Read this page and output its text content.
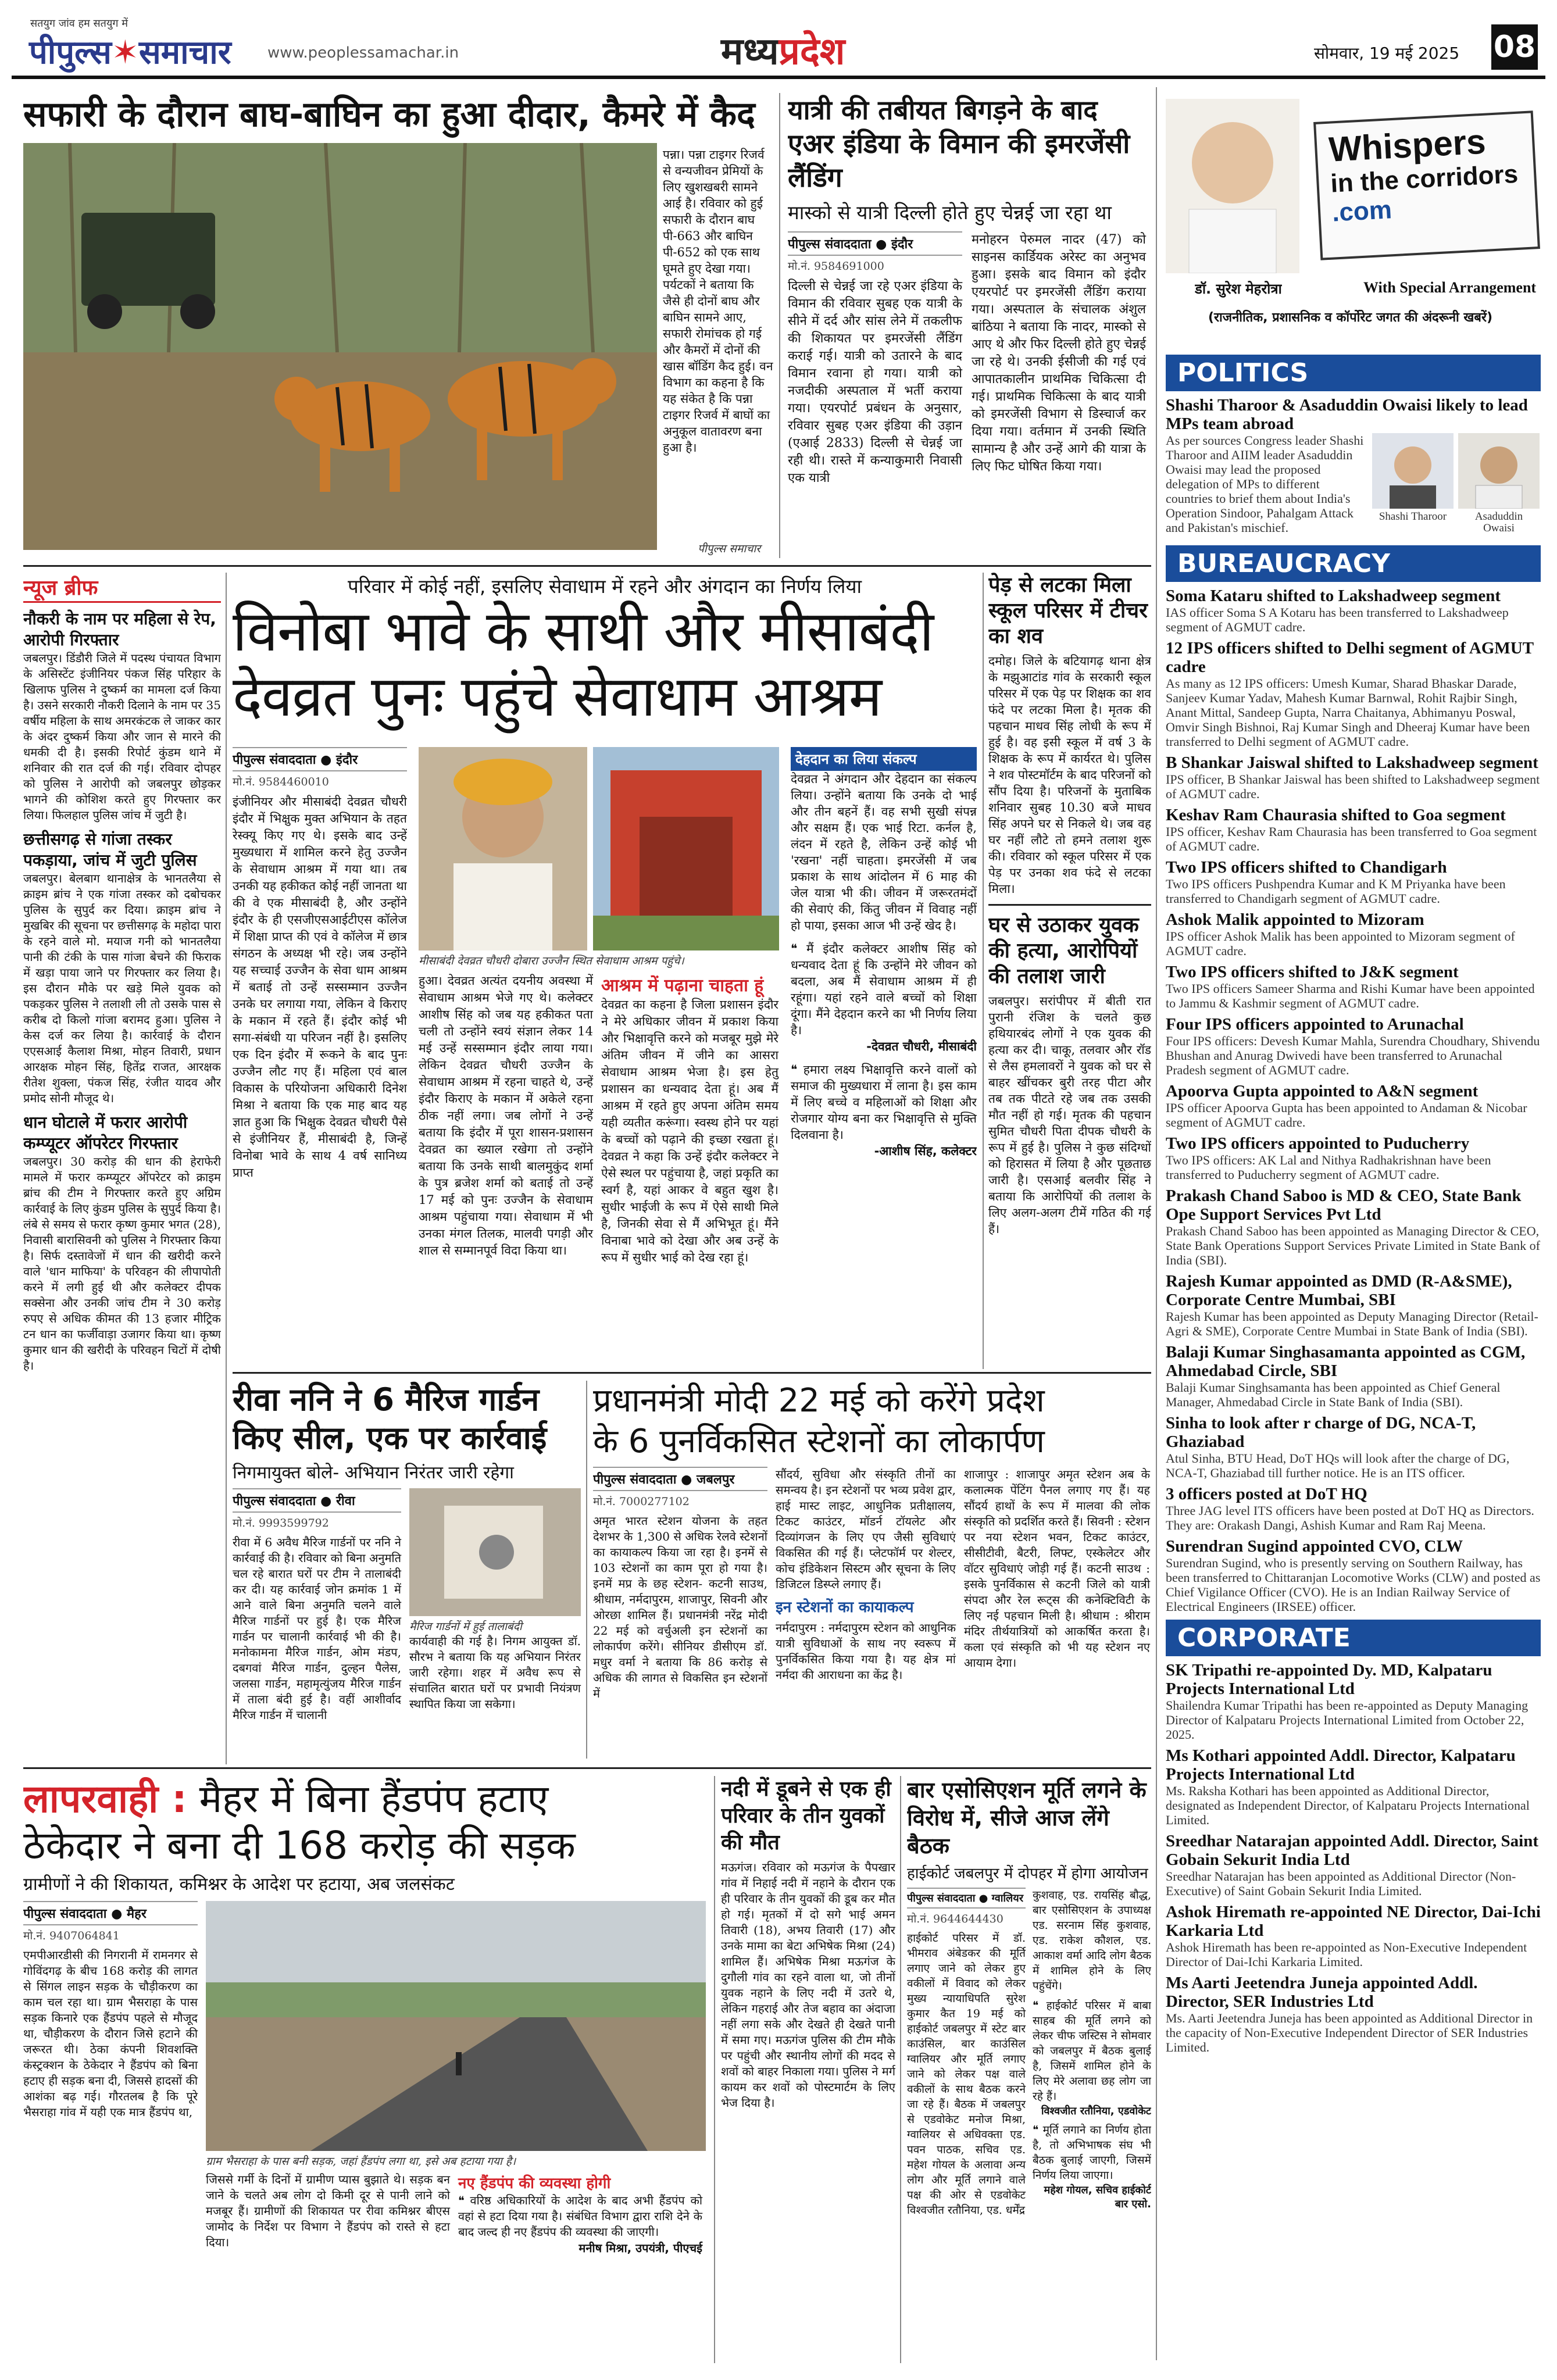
सतयुग जांव हम सतयुग में
पीपुल्स✶समाचार www.peoplessamachar.in	मध्यप्रदेश	सोमवार, 19 मई 2025 08
सफारी के दौरान बाघ-बाघिन का हुआ दीदार, कैमरे में कैद
पन्ना। पन्ना टाइगर रिजर्व से वन्यजीवन प्रेमियों के लिए खुशखबरी सामने आई है। रविवार को हुई सफारी के दौरान बाघ पी-663 और बाघिन पी-652 को एक साथ घूमते हुए देखा गया। पर्यटकों ने बताया कि जैसे ही दोनों बाघ और बाघिन सामने आए, सफारी रोमांचक हो गई और कैमरों में दोनों की खास बॉडिंग कैद हुई। वन विभाग का कहना है कि यह संकेत है कि पन्ना टाइगर रिजर्व में बाघों का अनुकूल वातावरण बना हुआ है।
पीपुल्स समाचार
यात्री की तबीयत बिगड़ने के बाद एअर इंडिया के विमान की इमरजेंसी लैंडिंग
मास्को से यात्री दिल्ली होते हुए चेन्नई जा रहा था
पीपुल्स संवाददाता ● इंदौर
मो.नं. 9584691000
दिल्ली से चेन्नई जा रहे एअर इंडिया के विमान की रविवार सुबह एक यात्री के सीने में दर्द और सांस लेने में तकलीफ की शिकायत पर इमरजेंसी लैंडिंग कराई गई। यात्री को उतारने के बाद विमान रवाना हो गया। यात्री को नजदीकी अस्पताल में भर्ती कराया गया। एयरपोर्ट प्रबंधन के अनुसार, रविवार सुबह एअर इंडिया की उड़ान (एआई 2833) दिल्ली से चेन्नई जा रही थी। रास्ते में कन्याकुमारी निवासी एक यात्री
मनोहरन पेरुमल नादर (47) को साइनस कार्डियक अरेस्ट का अनुभव हुआ। इसके बाद विमान को इंदौर एयरपोर्ट पर इमरजेंसी लैंडिंग कराया गया। अस्पताल के संचालक अंशुल बांठिया ने बताया कि नादर, मास्को से आए थे और फिर दिल्ली होते हुए चेन्नई जा रहे थे। उनकी ईसीजी की गई एवं आपातकालीन प्राथमिक चिकित्सा दी गई। प्राथमिक चिकित्सा के बाद यात्री को इमरजेंसी विभाग से डिस्चार्ज कर दिया गया। वर्तमान में उनकी स्थिति सामान्य है और उन्हें आगे की यात्रा के लिए फिट घोषित किया गया।
Whispers
in the corridors
.com
डॉ. सुरेश मेहरोत्रा	With Special Arrangement
(राजनीतिक, प्रशासनिक व कॉर्पोरेट जगत की अंदरूनी खबरें)
POLITICS
Shashi Tharoor & Asaduddin Owaisi likely to lead MPs team abroad
As per sources Congress leader Shashi Tharoor and AIIM leader Asaduddin Owaisi may lead the proposed delegation of MPs to different countries to brief them about India's Operation Sindoor, Pahalgam Attack and Pakistan's mischief.
Shashi Tharoor	Asaduddin Owaisi
BUREAUCRACY
Soma Kataru shifted to Lakshadweep segment
IAS officer Soma S A Kotaru has been transferred to Lakshadweep segment of AGMUT cadre.
12 IPS officers shifted to Delhi segment of AGMUT cadre
As many as 12 IPS officers: Umesh Kumar, Sharad Bhaskar Darade, Sanjeev Kumar Yadav, Mahesh Kumar Barnwal, Rohit Rajbir Singh, Anant Mittal, Sandeep Gupta, Narra Chaitanya, Abhimanyu Poswal, Omvir Singh Bishnoi, Raj Kumar Singh and Dheeraj Kumar have been transferred to Delhi segment of AGMUT cadre.
B Shankar Jaiswal shifted to Lakshadweep segment
IPS officer, B Shankar Jaiswal has been shifted to Lakshadweep segment of AGMUT cadre.
Keshav Ram Chaurasia shifted to Goa segment
IPS officer, Keshav Ram Chaurasia has been transferred to Goa segment of AGMUT cadre.
Two IPS officers shifted to Chandigarh
Two IPS officers Pushpendra Kumar and K M Priyanka have been transferred to Chandigarh segment of AGMUT cadre.
Ashok Malik appointed to Mizoram
IPS officer Ashok Malik has been appointed to Mizoram segment of AGMUT cadre.
Two IPS officers shifted to J&K segment
Two IPS officers Sameer Sharma and Rishi Kumar have been appointed to Jammu & Kashmir segment of AGMUT cadre.
Four IPS officers appointed to Arunachal
Four IPS officers: Devesh Kumar Mahla, Surendra Choudhary, Shivendu Bhushan and Anurag Dwivedi have been transferred to Arunachal Pradesh segment of AGMUT cadre.
Apoorva Gupta appointed to A&N segment
IPS officer Apoorva Gupta has been appointed to Andaman & Nicobar segment of AGMUT cadre.
Two IPS officers appointed to Puducherry
Two IPS officers: AK Lal and Nithya Radhakrishnan have been transferred to Puducherry segment of AGMUT cadre.
Prakash Chand Saboo is MD & CEO, State Bank Ope Support Services Pvt Ltd
Prakash Chand Saboo has been appointed as Managing Director & CEO, State Bank Operations Support Services Private Limited in State Bank of India (SBI).
Rajesh Kumar appointed as DMD (R-A&SME), Corporate Centre Mumbai, SBI
Rajesh Kumar has been appointed as Deputy Managing Director (Retail-Agri & SME), Corporate Centre Mumbai in State Bank of India (SBI).
Balaji Kumar Singhasamanta appointed as CGM, Ahmedabad Circle, SBI
Balaji Kumar Singhsamanta has been appointed as Chief General Manager, Ahmedabad Circle in State Bank of India (SBI).
Sinha to look after r charge of DG, NCA-T, Ghaziabad
Atul Sinha, BTU Head, DoT HQs will look after the charge of DG, NCA-T, Ghaziabad till further notice. He is an ITS officer.
3 officers posted at DoT HQ
Three JAG level ITS officers have been posted at DoT HQ as Directors. They are: Orakash Dangi, Ashish Kumar and Ram Raj Meena.
Surendran Sugind appointed CVO, CLW
Surendran Sugind, who is presently serving on Southern Railway, has been transferred to Chittaranjan Locomotive Works (CLW) and posted as Chief Vigilance Officer (CVO). He is an Indian Railway Service of Electrical Engineers (IRSEE) officer.
CORPORATE
SK Tripathi re-appointed Dy. MD, Kalpataru Projects International Ltd
Shailendra Kumar Tripathi has been re-appointed as Deputy Managing Director of Kalpataru Projects International Limited from October 22, 2025.
Ms Kothari appointed Addl. Director, Kalpataru Projects International Ltd
Ms. Raksha Kothari has been appointed as Additional Director, designated as Independent Director, of Kalpataru Projects International Limited.
Sreedhar Natarajan appointed Addl. Director, Saint Gobain Sekurit India Ltd
Sreedhar Natarajan has been appointed as Additional Director (Non-Executive) of Saint Gobain Sekurit India Limited.
Ashok Hiremath re-appointed NE Director, Dai-Ichi Karkaria Ltd
Ashok Hiremath has been re-appointed as Non-Executive Independent Director of Dai-Ichi Karkaria Limited.
Ms Aarti Jeetendra Juneja appointed Addl. Director, SER Industries Ltd
Ms. Aarti Jeetendra Juneja has been appointed as Additional Director in the capacity of Non-Executive Independent Director of SER Industries Limited.
न्यूज ब्रीफ
नौकरी के नाम पर महिला से रेप, आरोपी गिरफ्तार
जबलपुर। डिंडौरी जिले में पदस्थ पंचायत विभाग के असिस्टेंट इंजीनियर पंकज सिंह परिहार के खिलाफ पुलिस ने दुष्कर्म का मामला दर्ज किया है। उसने सरकारी नौकरी दिलाने के नाम पर 35 वर्षीय महिला के साथ अमरकंटक ले जाकर कार के अंदर दुष्कर्म किया और जान से मारने की धमकी दी है। इसकी रिपोर्ट कुंडम थाने में शनिवार की रात दर्ज की गई। रविवार दोपहर को पुलिस ने आरोपी को जबलपुर छोड़कर भागने की कोशिश करते हुए गिरफ्तार कर लिया। फिलहाल पुलिस जांच में जुटी है।
छत्तीसगढ़ से गांजा तस्कर पकड़ाया, जांच में जुटी पुलिस
जबलपुर। बेलबाग थानाक्षेत्र के भानतलैया से क्राइम ब्रांच ने एक गांजा तस्कर को दबोचकर पुलिस के सुपुर्द कर दिया। क्राइम ब्रांच ने मुखबिर की सूचना पर छत्तीसगढ़ के महोदा पारा के रहने वाले मो. मयाज गनी को भानतलैया पानी की टंकी के पास गांजा बेचने की फिराक में खड़ा पाया जाने पर गिरफ्तार कर लिया है। इस दौरान मौके पर खड़े मिले युवक को पकड़कर पुलिस ने तलाशी ली तो उसके पास से करीब दो किलो गांजा बरामद हुआ। पुलिस ने केस दर्ज कर लिया है। कार्रवाई के दौरान एएसआई कैलाश मिश्रा, मोहन तिवारी, प्रधान आरक्षक मोहन सिंह, हितेंद्र राजत, आरक्षक रीतेश शुक्ला, पंकज सिंह, रंजीत यादव और प्रमोद सोनी मौजूद थे।
धान घोटाले में फरार आरोपी कम्प्यूटर ऑपरेटर गिरफ्तार
जबलपुर। 30 करोड़ की धान की हेराफेरी मामले में फरार कम्प्यूटर ऑपरेटर को क्राइम ब्रांच की टीम ने गिरफ्तार करते हुए अग्रिम कार्रवाई के लिए कुंडम पुलिस के सुपुर्द किया है। लंबे से समय से फरार कृष्ण कुमार भगत (28), निवासी बारासिवनी को पुलिस ने गिरफ्तार किया है। सिर्फ दस्तावेजों में धान की खरीदी करने वाले 'धान माफिया' के परिवहन की लीपापोती करने में लगी हुई थी और कलेक्टर दीपक सक्सेना और उनकी जांच टीम ने 30 करोड़ रुपए से अधिक कीमत की 13 हजार मीट्रिक टन धान का फर्जीवाड़ा उजागर किया था। कृष्ण कुमार धान की खरीदी के परिवहन चिटों में दोषी है।
परिवार में कोई नहीं, इसलिए सेवाधाम में रहने और अंगदान का निर्णय लिया
विनोबा भावे के साथी और मीसाबंदी
देवव्रत पुनः पहुंचे सेवाधाम आश्रम
पीपुल्स संवाददाता ● इंदौर
मो.नं. 9584460010
इंजीनियर और मीसाबंदी देवव्रत चौधरी इंदौर में भिक्षुक मुक्त अभियान के तहत रेस्क्यू किए गए थे। इसके बाद उन्हें मुख्यधारा में शामिल करने हेतु उज्जैन के सेवाधाम आश्रम में गया था। तब उनकी यह हकीकत कोई नहीं जानता था की वे एक मीसाबंदी है, और उन्होंने इंदौर के ही एसजीएसआईटीएस कॉलेज में शिक्षा प्राप्त की एवं वे कॉलेज में छात्र संगठन के अध्यक्ष भी रहे। जब उन्होंने यह सच्चाई उज्जैन के सेवा धाम आश्रम में बताई तो उन्हें सस्सम्मान उज्जैन उनके घर लगाया गया, लेकिन वे किराए के मकान में रहते हैं। इंदौर कोई भी सगा-संबंधी या परिजन नहीं है। इसलिए एक दिन इंदौर में रूकने के बाद पुनः उज्जैन लौट गए हैं। महिला एवं बाल विकास के परियोजना अधिकारी दिनेश मिश्रा ने बताया कि एक माह बाद यह ज्ञात हुआ कि भिक्षुक देवव्रत चौधरी पैसे से इंजीनियर हैं, मीसाबंदी है, जिन्हें विनोबा भावे के साथ 4 वर्ष सानिध्य प्राप्त
मीसाबंदी देवव्रत चौधरी दोबारा उज्जैन स्थित सेवाधाम आश्रम पहुंचे।
हुआ। देवव्रत अत्यंत दयनीय अवस्था में सेवाधाम आश्रम भेजे गए थे। कलेक्टर आशीष सिंह को जब यह हकीकत पता चली तो उन्होंने स्वयं संज्ञान लेकर 14 मई उन्हें सस्सम्मान इंदौर लाया गया। लेकिन देवव्रत चौधरी उज्जैन के सेवाधाम आश्रम में रहना चाहते थे, उन्हें इंदौर किराए के मकान में अकेले रहना ठीक नहीं लगा। जब लोगों ने उन्हें बताया कि इंदौर में पूरा शासन-प्रशासन देवव्रत का ख्याल रखेगा तो उन्होंने बताया कि उनके साथी बालमुकुंद शर्मा के पुत्र ब्रजेश शर्मा को बताई तो उन्हें 17 मई को पुनः उज्जैन के सेवाधाम आश्रम पहुंचाया गया। सेवाधाम में भी उनका मंगल तिलक, मालवी पगड़ी और शाल से सम्मानपूर्व विदा किया था।
आश्रम में पढ़ाना चाहता हूं
देवव्रत का कहना है जिला प्रशासन इंदौर ने मेरे अधिकार जीवन में प्रकाश किया और भिक्षावृत्ति करने को मजबूर मुझे मेरे अंतिम जीवन में जीने का आसरा सेवाधाम आश्रम भेजा है। इस हेतु प्रशासन का धन्यवाद देता हूं। अब मैं आश्रम में रहते हुए अपना अंतिम समय यही व्यतीत करूंगा। स्वस्थ होने पर यहां के बच्चों को पढ़ाने की इच्छा रखता हूं। देवव्रत ने कहा कि उन्हें इंदौर कलेक्टर ने ऐसे स्थल पर पहुंचाया है, जहां प्रकृति का स्वर्ग है, यहां आकर वे बहुत खुश है। सुधीर भाईजी के रूप में ऐसे साथी मिले है, जिनकी सेवा से मैं अभिभूत हूं। मैंने विनाबा भावे को देखा और अब उन्हें के रूप में सुधीर भाई को देख रहा हूं।
देहदान का लिया संकल्प
देवव्रत ने अंगदान और देहदान का संकल्प लिया। उन्होंने बताया कि उनके दो भाई और तीन बहनें हैं। वह सभी सुखी संपन्न और सक्षम हैं। एक भाई रिटा. कर्नल है, लंदन में रहते है, लेकिन उन्हें कोई भी 'रखना' नहीं चाहता। इमरजेंसी में जब प्रकाश के साथ आंदोलन में 6 माह की जेल यात्रा भी की। जीवन में जरूरतमंदों की सेवाएं की, किंतु जीवन में विवाह नहीं हो पाया, इसका आज भी उन्हें खेद है।
❝ मैं इंदौर कलेक्टर आशीष सिंह को धन्यवाद देता हूं कि उन्होंने मेरे जीवन को बदला, अब मैं सेवाधाम आश्रम में ही रहूंगा। यहां रहने वाले बच्चों को शिक्षा दूंगा। मैंने देहदान करने का भी निर्णय लिया है।
-देवव्रत चौधरी, मीसाबंदी
❝ हमारा लक्ष्य भिक्षावृत्ति करने वालों को समाज की मुख्यधारा में लाना है। इस काम में लिए बच्चे व महिलाओं को शिक्षा और रोजगार योग्य बना कर भिक्षावृत्ति से मुक्ति दिलवाना है।
-आशीष सिंह, कलेक्टर
पेड़ से लटका मिला स्कूल परिसर में टीचर का शव
दमोह। जिले के बटियागढ़ थाना क्षेत्र के मझुआटांड गांव के सरकारी स्कूल परिसर में एक पेड़ पर शिक्षक का शव फंदे पर लटका मिला है। मृतक की पहचान माधव सिंह लोधी के रूप में हुई है। वह इसी स्कूल में वर्ष 3 के शिक्षक के रूप में कार्यरत थे। पुलिस ने शव पोस्टमॉर्टम के बाद परिजनों को सौंप दिया है। परिजनों के मुताबिक शनिवार सुबह 10.30 बजे माधव सिंह अपने घर से निकले थे। जब वह घर नहीं लौटे तो हमने तलाश शुरू की। रविवार को स्कूल परिसर में एक पेड़ पर उनका शव फंदे से लटका मिला।
घर से उठाकर युवक की हत्या, आरोपियों की तलाश जारी
जबलपुर। सरांपीपर में बीती रात पुरानी रंजिश के चलते कुछ हथियारबंद लोगों ने एक युवक की हत्या कर दी। चाकू, तलवार और रॉड से लैस हमलावरों ने युवक को घर से बाहर खींचकर बुरी तरह पीटा और तब तक पीटते रहे जब तक उसकी मौत नहीं हो गई। मृतक की पहचान सुमित चौधरी पिता दीपक चौधरी के रूप में हुई है। पुलिस ने कुछ संदिग्धों को हिरासत में लिया है और पूछताछ जारी है। एसआई बलवीर सिंह ने बताया कि आरोपियों की तलाश के लिए अलग-अलग टीमें गठित की गई हैं।
रीवा ननि ने 6 मैरिज गार्डन
किए सील, एक पर कार्रवाई
निगमायुक्त बोले- अभियान निरंतर जारी रहेगा
पीपुल्स संवाददाता ● रीवा
मो.नं. 9993599792
रीवा में 6 अवैध मैरिज गार्डनों पर ननि ने कार्रवाई की है। रविवार को बिना अनुमति चल रहे बारात घरों पर टीम ने तालाबंदी कर दी। यह कार्रवाई जोन क्रमांक 1 में आने वाले बिना अनुमति चलने वाले मैरिज गार्डनों पर हुई है। एक मैरिज गार्डन पर चालानी कार्रवाई भी की है। मनोकामना मैरिज गार्डन, ओम मंडप, दबगवां मैरिज गार्डन, दुल्हन पैलेस, जलसा गार्डन, महामृत्युंजय मैरिज गार्डन में ताला बंदी हुई है। वहीं आशीर्वाद मैरिज गार्डन में चालानी
मैरिज गार्डनों में हुई तालाबंदी
कार्यवाही की गई है। निगम आयुक्त डॉ. सौरभ ने बताया कि यह अभियान निरंतर जारी रहेगा। शहर में अवैध रूप से संचालित बारात घरों पर प्रभावी नियंत्रण स्थापित किया जा सकेगा।
प्रधानमंत्री मोदी 22 मई को करेंगे प्रदेश
के 6 पुनर्विकसित स्टेशनों का लोकार्पण
पीपुल्स संवाददाता ● जबलपुर
मो.नं. 7000277102
अमृत भारत स्टेशन योजना के तहत देशभर के 1,300 से अधिक रेलवे स्टेशनों का कायाकल्प किया जा रहा है। इनमें से 103 स्टेशनों का काम पूरा हो गया है। इनमें मप्र के छह स्टेशन- कटनी साउथ, श्रीधाम, नर्मदापुरम, शाजापुर, सिवनी और ओरछा शामिल हैं। प्रधानमंत्री नरेंद्र मोदी 22 मई को वर्चुअली इन स्टेशनों का लोकार्पण करेंगे। सीनियर डीसीएम डॉ. मधुर वर्मा ने बताया कि 86 करोड़ से अधिक की लागत से विकसित इन स्टेशनों में
सौंदर्य, सुविधा और संस्कृति तीनों का समन्वय है। इन स्टेशनों पर भव्य प्रवेश द्वार, हाई मास्ट लाइट, आधुनिक प्रतीक्षालय, टिकट काउंटर, मॉडर्न टॉयलेट और दिव्यांगजन के लिए एप जैसी सुविधाएं विकसित की गई हैं। प्लेटफॉर्म पर शेल्टर, कोच इंडिकेशन सिस्टम और सूचना के लिए डिजिटल डिस्प्ले लगाए हैं।
इन स्टेशनों का कायाकल्प
नर्मदापुरम : नर्मदापुरम स्टेशन को आधुनिक यात्री सुविधाओं के साथ नए स्वरूप में पुनर्विकसित किया गया है। यह क्षेत्र मां नर्मदा की आराधना का केंद्र है।
शाजापुर : शाजापुर अमृत स्टेशन अब के कलात्मक पेंटिंग पैनल लगाए गए हैं। यह सौंदर्य हाथों के रूप में मालवा की लोक संस्कृति को प्रदर्शित करते हैं। सिवनी : स्टेशन पर नया स्टेशन भवन, टिकट काउंटर, सीसीटीवी, बैटरी, लिफ्ट, एस्केलेटर और वॉटर सुविधाएं जोड़ी गई हैं। कटनी साउथ : इसके पुनर्विकास से कटनी जिले को यात्री संपदा और रेल रूट्स की कनेक्टिविटी के लिए नई पहचान मिली है। श्रीधाम : श्रीराम मंदिर तीर्थयात्रियों को आकर्षित करता है। कला एवं संस्कृति को भी यह स्टेशन नए आयाम देगा।
लापरवाही : मैहर में बिना हैंडपंप हटाए
ठेकेदार ने बना दी 168 करोड़ की सड़क
ग्रामीणों ने की शिकायत, कमिश्नर के आदेश पर हटाया, अब जलसंकट
पीपुल्स संवाददाता ● मैहर
मो.नं. 9407064841
एमपीआरडीसी की निगरानी में रामनगर से गोविंदगढ़ के बीच 168 करोड़ की लागत से सिंगल लाइन सड़क के चौड़ीकरण का काम चल रहा था। ग्राम भैसराहा के पास सड़क किनारे एक हैंडपंप पहले से मौजूद था, चौड़ीकरण के दौरान जिसे हटाने की जरूरत थी। ठेका कंपनी शिवशक्ति कंस्ट्रक्शन के ठेकेदार ने हैंडपंप को बिना हटाए ही सड़क बना दी, जिससे हादसों की आशंका बढ़ गई। गौरतलब है कि पूरे भैसराहा गांव में यही एक मात्र हैंडपंप था,
ग्राम भैसराहा के पास बनी सड़क, जहां हैंडपंप लगा था, इसे अब हटाया गया है।
जिससे गर्मी के दिनों में ग्रामीण प्यास बुझाते थे। सड़क बन जाने के चलते अब लोग दो किमी दूर से पानी लाने को मजबूर हैं। ग्रामीणों की शिकायत पर रीवा कमिश्नर बीएस जामोद के निर्देश पर विभाग ने हैंडपंप को रास्ते से हटा दिया।
नए हैंडपंप की व्यवस्था होगी
❝ वरिष्ठ अधिकारियों के आदेश के बाद अभी हैंडपंप को वहां से हटा दिया गया है। संबंधित विभाग द्वारा राशि देने के बाद जल्द ही नए हैंडपंप की व्यवस्था की जाएगी।
मनीष मिश्रा, उपयंत्री, पीएचई
नदी में डूबने से एक ही परिवार के तीन युवकों की मौत
मऊगंज। रविवार को मऊगंज के पैपखार गांव में निहाई नदी में नहाने के दौरान एक ही परिवार के तीन युवकों की डूब कर मौत हो गई। मृतकों में दो सगे भाई अमन तिवारी (18), अभय तिवारी (17) और उनके मामा का बेटा अभिषेक मिश्रा (24) शामिल हैं। अभिषेक मिश्रा मऊगंज के दुगौली गांव का रहने वाला था, जो तीनों युवक नहाने के लिए नदी में उतरे थे, लेकिन गहराई और तेज बहाव का अंदाजा नहीं लगा सके और देखते ही देखते पानी में समा गए। मऊगंज पुलिस की टीम मौके पर पहुंची और स्थानीय लोगों की मदद से शवों को बाहर निकाला गया। पुलिस ने मर्ग कायम कर शवों को पोस्टमार्टम के लिए भेज दिया है।
बार एसोसिएशन मूर्ति लगने के
विरोध में, सीजे आज लेंगे बैठक
हाईकोर्ट जबलपुर में दोपहर में होगा आयोजन
पीपुल्स संवाददाता ● ग्वालियर
मो.नं. 9644644430
हाईकोर्ट परिसर में डॉ. भीमराव अंबेडकर की मूर्ति लगाए जाने को लेकर हुए वकीलों में विवाद को लेकर मुख्य न्यायाधिपति सुरेश कुमार कैत 19 मई को हाईकोर्ट जबलपुर में स्टेट बार काउंसिल, बार काउंसिल ग्वालियर और मूर्ति लगाए जाने को लेकर पक्ष वाले वकीलों के साथ बैठक करने जा रहे हैं। बैठक में जबलपुर से एडवोकेट मनोज मिश्रा, ग्वालियर से अधिवक्ता एड. पवन पाठक, सचिव एड. महेश गोयल के अलावा अन्य लोग और मूर्ति लगाने वाले पक्ष की ओर से एडवोकेट विश्वजीत रतौनिया, एड. धर्मेंद्र
कुशवाह, एड. रायसिंह बौद्ध, बार एसोसिएशन के उपाध्यक्ष एड. सरनाम सिंह कुशवाह, एड. राकेश कौशल, एड. आकाश वर्मा आदि लोग बैठक में शामिल होने के लिए पहुंचेंगे।
❝ हाईकोर्ट परिसर में बाबा साहब की मूर्ति लगने को लेकर चीफ जस्टिस ने सोमवार को जबलपुर में बैठक बुलाई है, जिसमें शामिल होने के लिए मेरे अलावा छह लोग जा रहे हैं।
विश्वजीत रतौनिया, एडवोकेट
❝ मूर्ति लगाने का निर्णय होता है, तो अभिभाषक संघ भी बैठक बुलाई जाएगी, जिसमें निर्णय लिया जाएगा।
महेश गोयल, सचिव हाईकोर्ट बार एसो.
